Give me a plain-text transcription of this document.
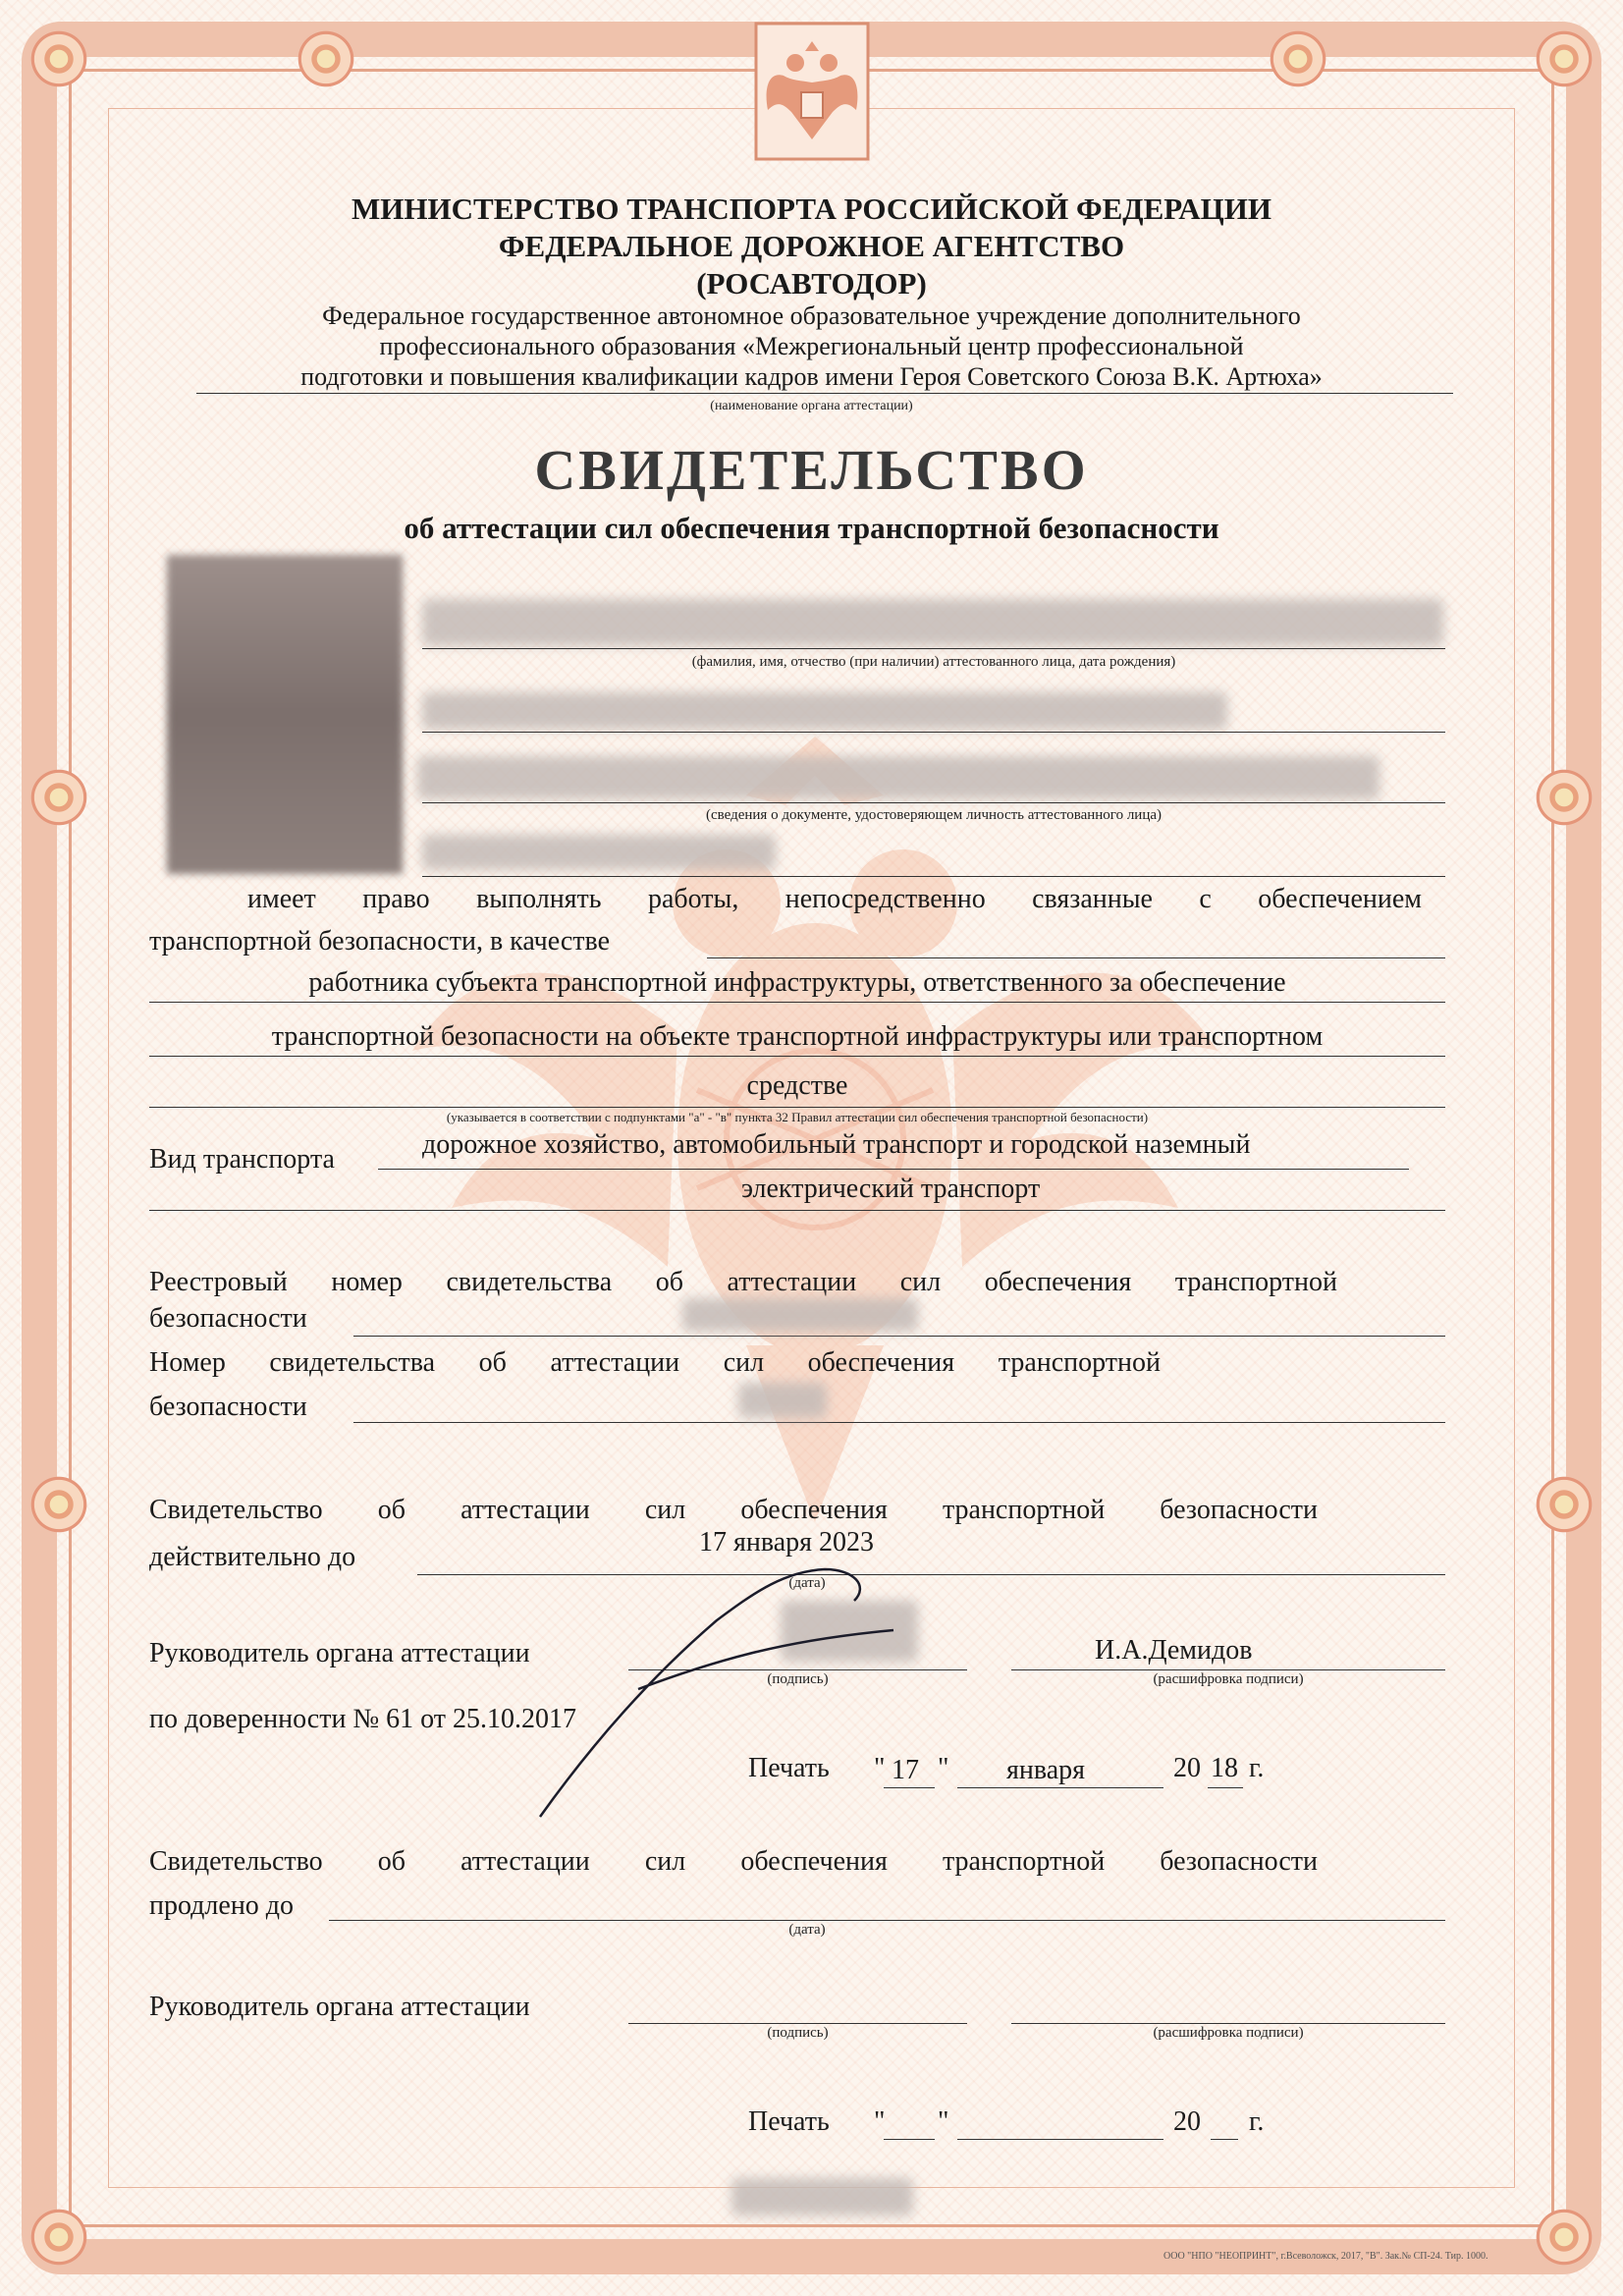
МИНИСТЕРСТВО ТРАНСПОРТА РОССИЙСКОЙ ФЕДЕРАЦИИ
ФЕДЕРАЛЬНОЕ ДОРОЖНОЕ АГЕНТСТВО
(РОСАВТОДОР)
Федеральное государственное автономное образовательное учреждение дополнительного
профессионального образования «Межрегиональный центр профессиональной
подготовки и повышения квалификации кадров имени Героя Советского Союза В.К. Артюха»
(наименование органа аттестации)
СВИДЕТЕЛЬСТВО
об аттестации сил обеспечения транспортной безопасности
(фамилия, имя, отчество (при наличии) аттестованного лица, дата рождения)
(сведения о документе, удостоверяющем личность аттестованного лица)
имеет право выполнять работы, непосредственно связанные с обеспечением
транспортной безопасности, в качестве
работника субъекта транспортной инфраструктуры, ответственного за обеспечение
транспортной безопасности на объекте транспортной инфраструктуры или транспортном
средстве
(указывается в соответствии с подпунктами "а" - "в" пункта 32 Правил аттестации сил обеспечения транспортной безопасности)
Вид транспорта	дорожное хозяйство, автомобильный транспорт и городской наземный
электрический транспорт
Реестровый номер свидетельства об аттестации сил обеспечения транспортной
безопасности
Номер свидетельства об аттестации сил обеспечения транспортной
безопасности
Свидетельство об аттестации сил обеспечения транспортной безопасности
действительно до	17 января 2023
(дата)
Руководитель органа аттестации
(подпись)
И.А.Демидов
(расшифровка подписи)
по доверенности № 61 от 25.10.2017
Печать " 17 " января	20 18 г.
Свидетельство об аттестации сил обеспечения транспортной безопасности
продлено до
(дата)
Руководитель органа аттестации
(подпись)	(расшифровка подписи)
Печать " "	20 г.
ООО "НПО "НЕОПРИНТ", г.Всеволожск, 2017, "В". Зак.№ СП-24. Тир. 1000.
